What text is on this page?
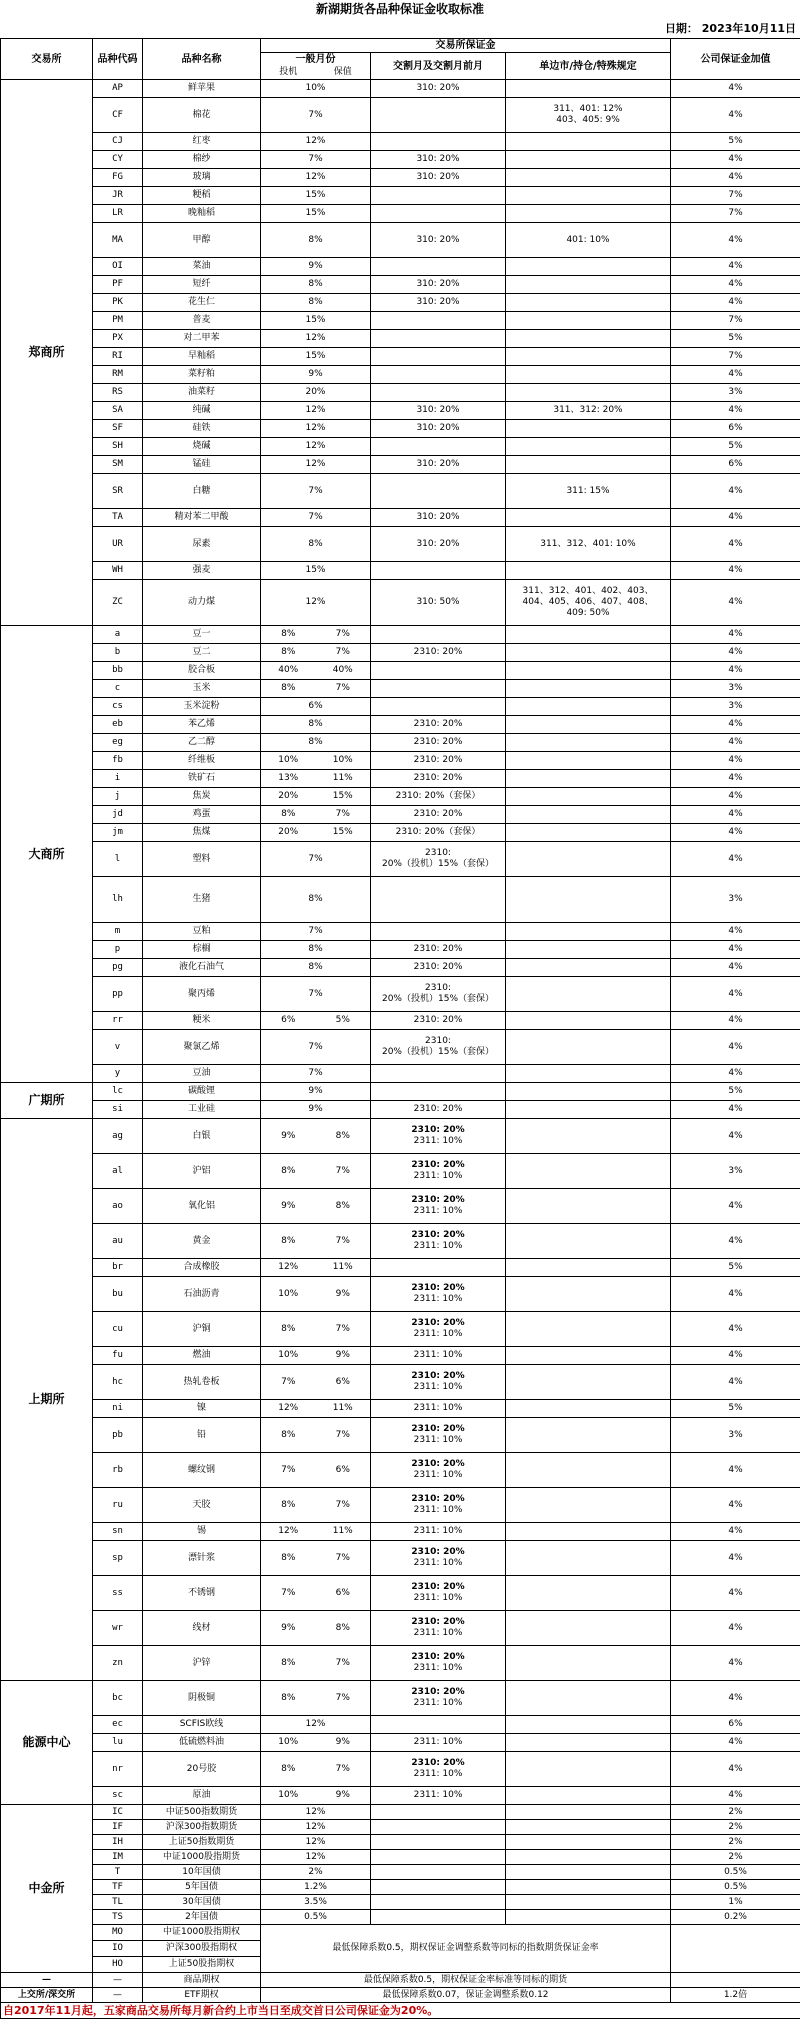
新湖期货各品种保证金收取标准
日期： 2023年10月11日
交易所	品种代码	品种名称	交易所保证金				公司保证金加值
			一般月份		交割月及交割月前月	单边市/持仓/特殊规定	
			投机	保值			
郑商所	AP	鲜苹果	10%		310: 20%		4%
	CF	棉花	7%			311、401: 12%
403、405: 9%	4%
	CJ	红枣	12%				5%
	CY	棉纱	7%		310: 20%		4%
	FG	玻璃	12%		310: 20%		4%
	JR	粳稻	15%				7%
	LR	晚籼稻	15%				7%
	MA	甲醇	8%		310: 20%	401: 10%	4%
	OI	菜油	9%				4%
	PF	短纤	8%		310: 20%		4%
	PK	花生仁	8%		310: 20%		4%
	PM	普麦	15%				7%
	PX	对二甲苯	12%				5%
	RI	早籼稻	15%				7%
	RM	菜籽粕	9%				4%
	RS	油菜籽	20%				3%
	SA	纯碱	12%		310: 20%	311、312: 20%	4%
	SF	硅铁	12%		310: 20%		6%
	SH	烧碱	12%				5%
	SM	锰硅	12%		310: 20%		6%
	SR	白糖	7%			311: 15%	4%
	TA	精对苯二甲酸	7%		310: 20%		4%
	UR	尿素	8%		310: 20%	311、312、401: 10%	4%
	WH	强麦	15%				4%
	ZC	动力煤	12%		310: 50%	311、312、401、402、403、
404、405、406、407、408、
409: 50%	4%
大商所	a	豆一	8%	7%			4%
	b	豆二	8%	7%	2310: 20%		4%
	bb	胶合板	40%	40%			4%
	c	玉米	8%	7%			3%
	cs	玉米淀粉	6%				3%
	eb	苯乙烯	8%		2310: 20%		4%
	eg	乙二醇	8%		2310: 20%		4%
	fb	纤维板	10%	10%	2310: 20%		4%
	i	铁矿石	13%	11%	2310: 20%		4%
	j	焦炭	20%	15%	2310: 20%（套保）		4%
	jd	鸡蛋	8%	7%	2310: 20%		4%
	jm	焦煤	20%	15%	2310: 20%（套保）		4%
	l	塑料	7%		2310:
20%（投机）15%（套保）		4%
	lh	生猪	8%				3%
	m	豆粕	7%				4%
	p	棕榈	8%		2310: 20%		4%
	pg	液化石油气	8%		2310: 20%		4%
	pp	聚丙烯	7%		2310:
20%（投机）15%（套保）		4%
	rr	粳米	6%	5%	2310: 20%		4%
	v	聚氯乙烯	7%		2310:
20%（投机）15%（套保）		4%
	y	豆油	7%				4%
广期所	lc	碳酸锂	9%				5%
	si	工业硅	9%		2310: 20%		4%
上期所	ag	白银	9%	8%	2310: 20%
2311: 10%		4%
	al	沪铝	8%	7%	2310: 20%
2311: 10%		3%
	ao	氧化铝	9%	8%	2310: 20%
2311: 10%		4%
	au	黄金	8%	7%	2310: 20%
2311: 10%		4%
	br	合成橡胶	12%	11%			5%
	bu	石油沥青	10%	9%	2310: 20%
2311: 10%		4%
	cu	沪铜	8%	7%	2310: 20%
2311: 10%		4%
	fu	燃油	10%	9%	2311: 10%		4%
	hc	热轧卷板	7%	6%	2310: 20%
2311: 10%		4%
	ni	镍	12%	11%	2311: 10%		5%
	pb	铅	8%	7%	2310: 20%
2311: 10%		3%
	rb	螺纹钢	7%	6%	2310: 20%
2311: 10%		4%
	ru	天胶	8%	7%	2310: 20%
2311: 10%		4%
	sn	锡	12%	11%	2311: 10%		4%
	sp	漂针浆	8%	7%	2310: 20%
2311: 10%		4%
	ss	不锈钢	7%	6%	2310: 20%
2311: 10%		4%
	wr	线材	9%	8%	2310: 20%
2311: 10%		4%
	zn	沪锌	8%	7%	2310: 20%
2311: 10%		4%
能源中心	bc	阴极铜	8%	7%	2310: 20%
2311: 10%		4%
	ec	SCFIS欧线	12%				6%
	lu	低硫燃料油	10%	9%	2311: 10%		4%
	nr	20号胶	8%	7%	2310: 20%
2311: 10%		4%
	sc	原油	10%	9%	2311: 10%		4%
中金所	IC	中证500指数期货	12%				2%
	IF	沪深300指数期货	12%				2%
	IH	上证50指数期货	12%				2%
	IM	中证1000股指期货	12%				2%
	T	10年国债	2%				0.5%
	TF	5年国债	1.2%				0.5%
	TL	30年国债	3.5%				1%
	TS	2年国债	0.5%				0.2%
	MO	中证1000股指期权	最低保障系数0.5，期权保证金调整系数等同标的指数期货保证金率				
	IO	沪深300股指期权					
	HO	上证50股指期权					
—	—	商品期权	最低保障系数0.5，期权保证金率标准等同标的期货				
上交所/深交所	—	ETF期权	最低保障系数0.07，保证金调整系数0.12				1.2倍
自2017年11月起，五家商品交易所每月新合约上市当日至成交首日公司保证金为20%。							
